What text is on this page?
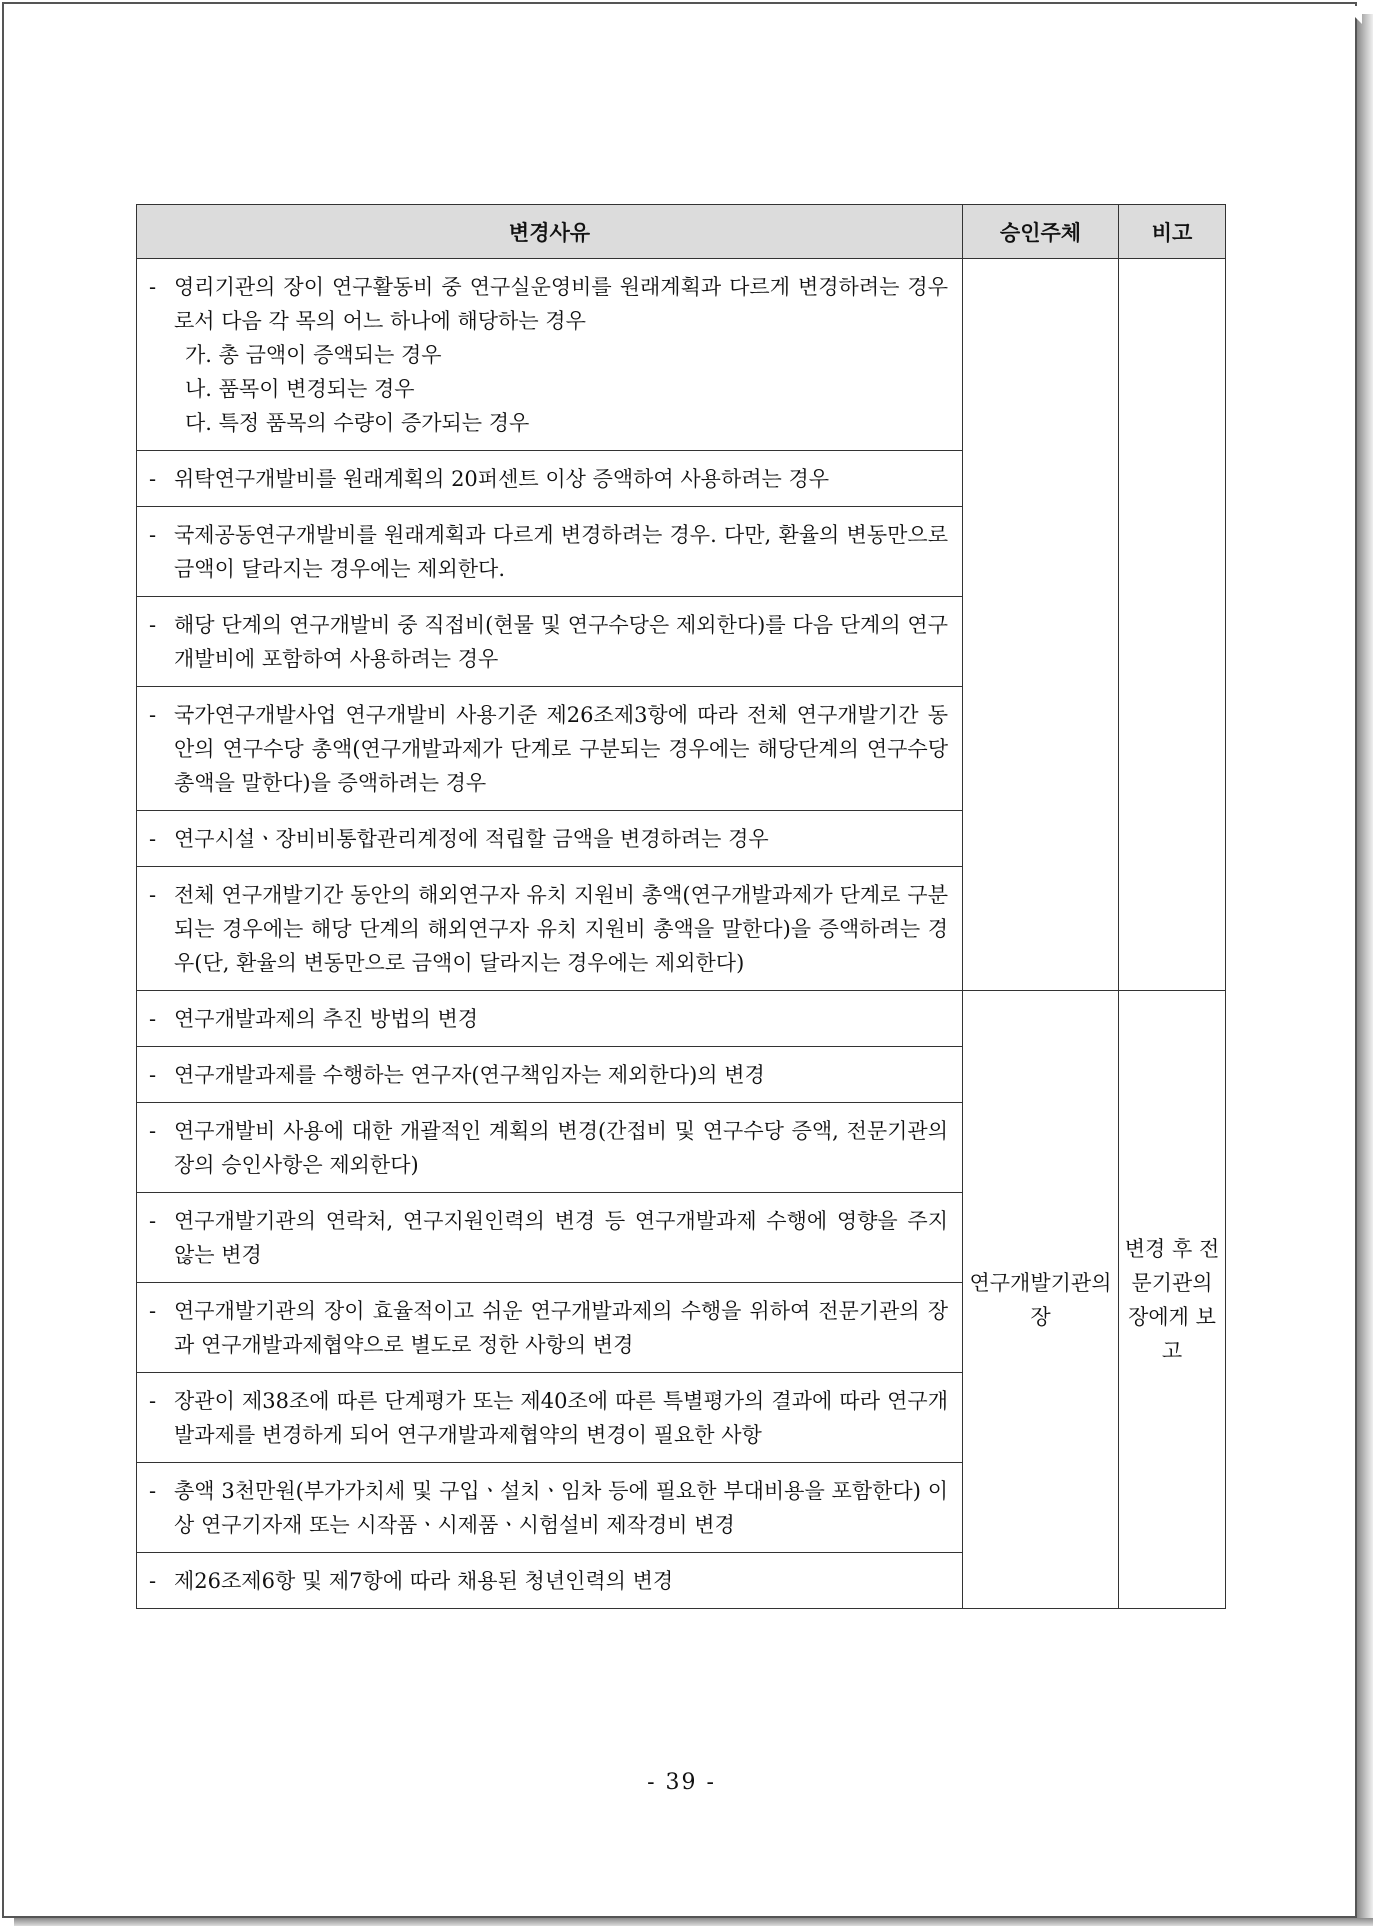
변경사유	승인주체	비고

- 영리기관의 장이 연구활동비 중 연구실운영비를 원래계획과 다르게 변경하려는 경우로서 다음 각 목의 어느 하나에 해당하는 경우
가. 총 금액이 증액되는 경우
나. 품목이 변경되는 경우
다. 특정 품목의 수량이 증가되는 경우		

- 위탁연구개발비를 원래계획의 20퍼센트 이상 증액하여 사용하려는 경우		

- 국제공동연구개발비를 원래계획과 다르게 변경하려는 경우. 다만, 환율의 변동만으로 금액이 달라지는 경우에는 제외한다.		

- 해당 단계의 연구개발비 중 직접비(현물 및 연구수당은 제외한다)를 다음 단계의 연구개발비에 포함하여 사용하려는 경우		

- 국가연구개발사업 연구개발비 사용기준 제26조제3항에 따라 전체 연구개발기간 동안의 연구수당 총액(연구개발과제가 단계로 구분되는 경우에는 해당단계의 연구수당 총액을 말한다)을 증액하려는 경우		

- 연구시설ㆍ장비비통합관리계정에 적립할 금액을 변경하려는 경우		

- 전체 연구개발기간 동안의 해외연구자 유치 지원비 총액(연구개발과제가 단계로 구분되는 경우에는 해당 단계의 해외연구자 유치 지원비 총액을 말한다)을 증액하려는 경우(단, 환율의 변동만으로 금액이 달라지는 경우에는 제외한다)		

- 연구개발과제의 추진 방법의 변경	연구개발기관의 장	변경 후 전문기관의 장에게 보고

- 연구개발과제를 수행하는 연구자(연구책임자는 제외한다)의 변경		

- 연구개발비 사용에 대한 개괄적인 계획의 변경(간접비 및 연구수당 증액, 전문기관의 장의 승인사항은 제외한다)		

- 연구개발기관의 연락처, 연구지원인력의 변경 등 연구개발과제 수행에 영향을 주지 않는 변경		

- 연구개발기관의 장이 효율적이고 쉬운 연구개발과제의 수행을 위하여 전문기관의 장과 연구개발과제협약으로 별도로 정한 사항의 변경		

- 장관이 제38조에 따른 단계평가 또는 제40조에 따른 특별평가의 결과에 따라 연구개발과제를 변경하게 되어 연구개발과제협약의 변경이 필요한 사항		

- 총액 3천만원(부가가치세 및 구입ㆍ설치ㆍ임차 등에 필요한 부대비용을 포함한다) 이상 연구기자재 또는 시작품ㆍ시제품ㆍ시험설비 제작경비 변경		

- 제26조제6항 및 제7항에 따라 채용된 청년인력의 변경		
- 39 -
